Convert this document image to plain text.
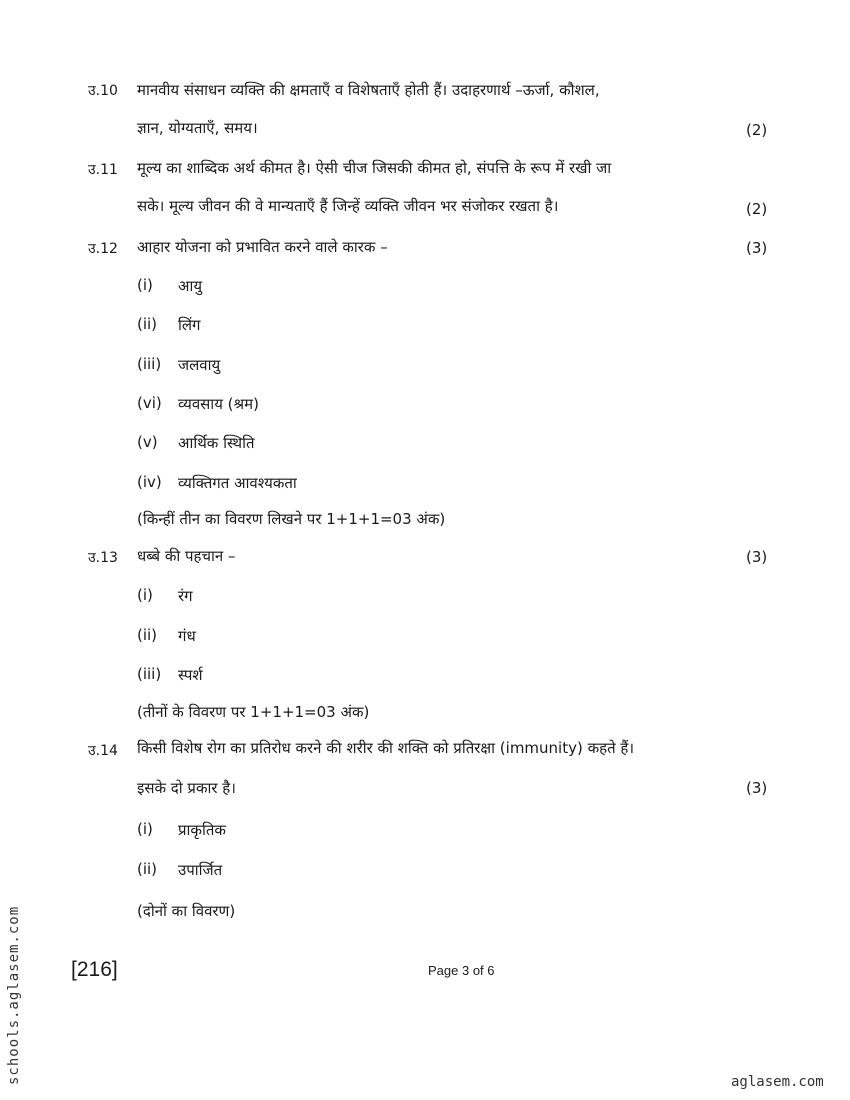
उ.10 मानवीय संसाधन व्यक्ति की क्षमताएँ व विशेषताएँ होती हैं। उदाहरणार्थ –ऊर्जा, कौशल,
ज्ञान, योग्यताएँ, समय।	(2)
उ.11 मूल्य का शाब्दिक अर्थ कीमत है। ऐसी चीज जिसकी कीमत हो, संपत्ति के रूप में रखी जा
सके। मूल्य जीवन की वे मान्यताएँ हैं जिन्हें व्यक्ति जीवन भर संजोकर रखता है।	(2)
उ.12 आहार योजना को प्रभावित करने वाले कारक –	(3)
(i) आयु
(ii) लिंग
(iii) जलवायु
(vi) व्यवसाय (श्रम)
(v) आर्थिक स्थिति
(iv) व्यक्तिगत आवश्यकता
(किन्हीं तीन का विवरण लिखने पर 1+1+1=03 अंक)
उ.13 धब्बे की पहचान –	(3)
(i) रंग
(ii) गंध
(iii) स्पर्श
(तीनों के विवरण पर 1+1+1=03 अंक)
उ.14 किसी विशेष रोग का प्रतिरोध करने की शरीर की शक्ति को प्रतिरक्षा (immunity) कहते हैं।
इसके दो प्रकार है।	(3)
(i) प्राकृतिक
(ii) उपार्जित
(दोनों का विवरण)
[216]	Page 3 of 6
schools.aglasem.com	aglasem.com
